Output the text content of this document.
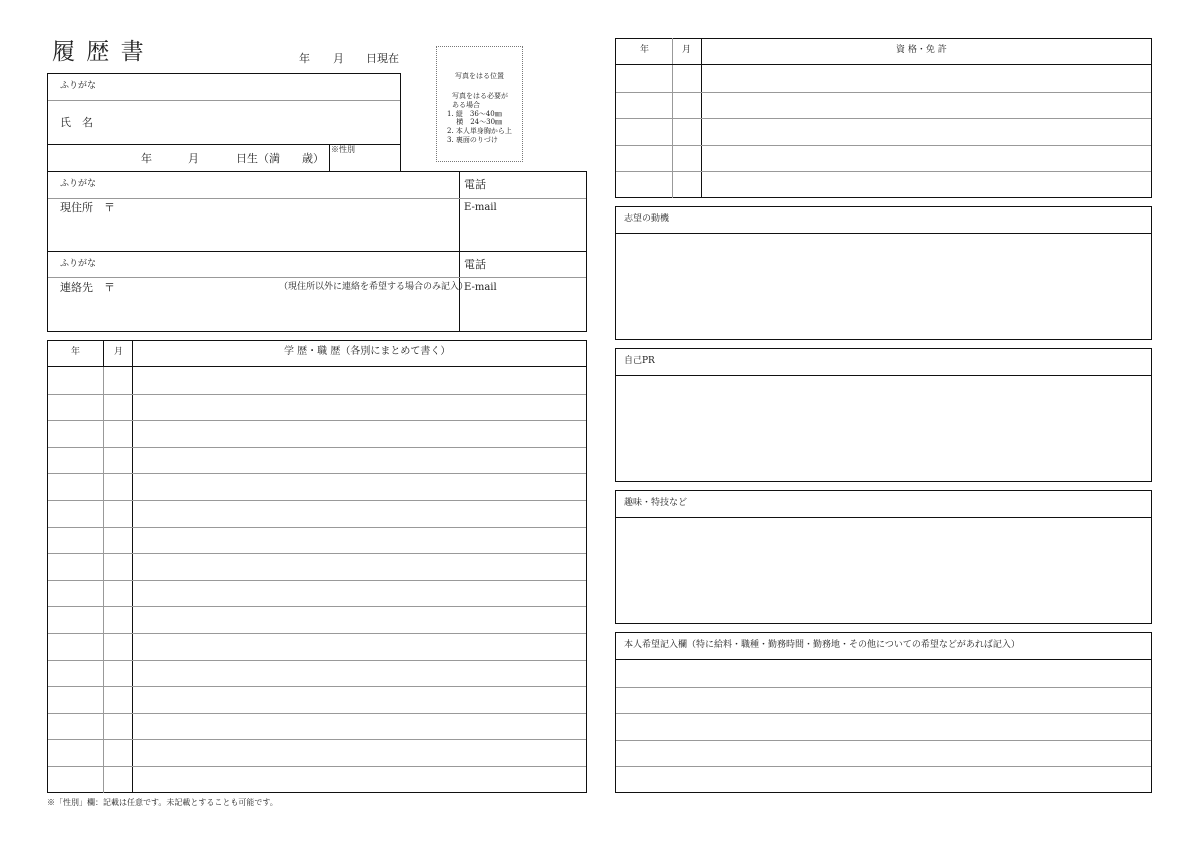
履 歴 書	年 月 日現在
写真をはる位置
写真をはる必要が
ある場合
1. 縦　36～40㎜
　 横　24～30㎜
2. 本人単身胸から上
3. 裏面のりづけ
ふりがな
氏　名
年	月	日生（満　　歳）
※性別
ふりがな
現住所　〒
電話
E-mail
ふりがな
連絡先　〒	（現住所以外に連絡を希望する場合のみ記入）
電話
E-mail
年	月	学 歴・職 歴（各別にまとめて書く）
※「性別」欄：記載は任意です。未記載とすることも可能です。
年	月	資 格・免 許
志望の動機
自己PR
趣味・特技など
本人希望記入欄（特に給料・職種・勤務時間・勤務地・その他についての希望などがあれば記入）
